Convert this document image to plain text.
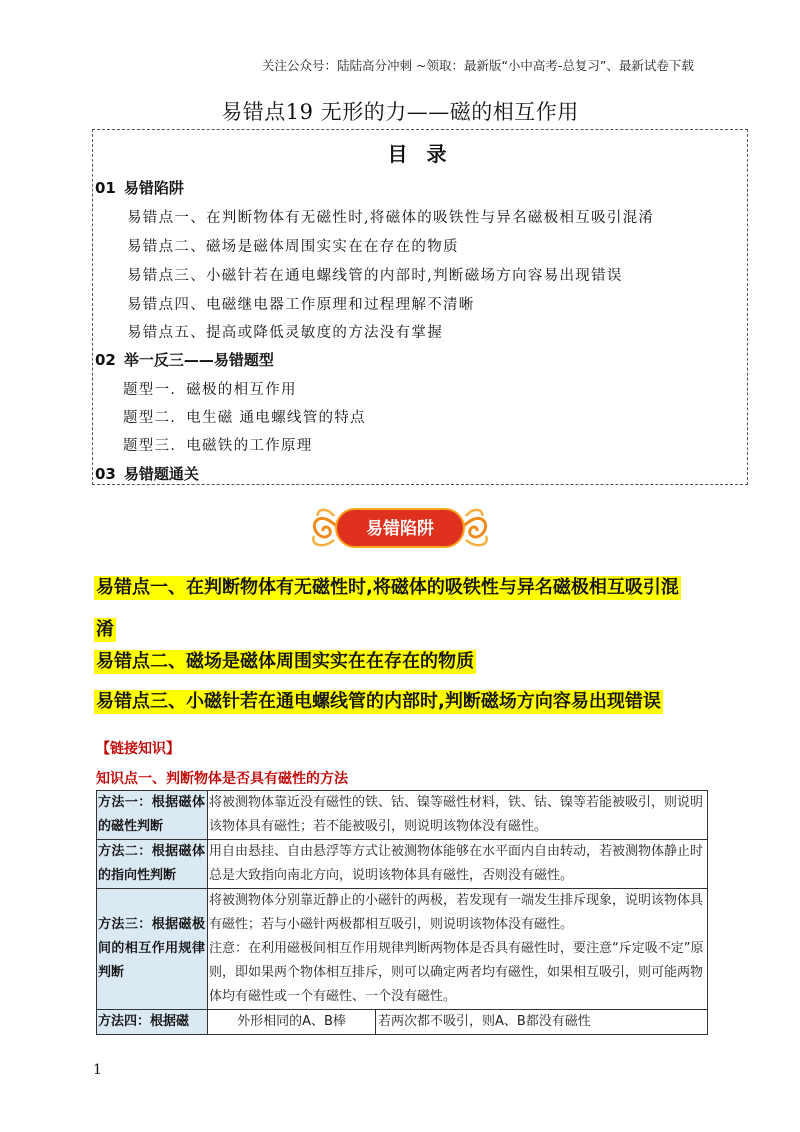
关注公众号：陆陆高分冲刺 ~领取：最新版“小中高考-总复习”、最新试卷下载
易错点19 无形的力——磁的相互作用
目 录
01 易错陷阱
易错点一、在判断物体有无磁性时,将磁体的吸铁性与异名磁极相互吸引混淆
易错点二、磁场是磁体周围实实在在存在的物质
易错点三、小磁针若在通电螺线管的内部时,判断磁场方向容易出现错误
易错点四、电磁继电器工作原理和过程理解不清晰
易错点五、提高或降低灵敏度的方法没有掌握
02 举一反三——易错题型
题型一．磁极的相互作用
题型二．电生磁 通电螺线管的特点
题型三．电磁铁的工作原理
03 易错题通关
易错陷阱
易错点一、在判断物体有无磁性时,将磁体的吸铁性与异名磁极相互吸引混
淆
易错点二、磁场是磁体周围实实在在存在的物质
易错点三、小磁针若在通电螺线管的内部时,判断磁场方向容易出现错误
【链接知识】
知识点一、判断物体是否具有磁性的方法
方法一：根据磁体的磁性判断	将被测物体靠近没有磁性的铁、钴、镍等磁性材料，铁、钴、镍等若能被吸引，则说明该物体具有磁性；若不能被吸引，则说明该物体没有磁性。	
方法二：根据磁体的指向性判断	用自由悬挂、自由悬浮等方式让被测物体能够在水平面内自由转动，若被测物体静止时总是大致指向南北方向，说明该物体具有磁性，否则没有磁性。	
方法三：根据磁极间的相互作用规律判断	将被测物体分别靠近静止的小磁针的两极，若发现有一端发生排斥现象，说明该物体具有磁性；若与小磁针两极都相互吸引，则说明该物体没有磁性。
注意：在利用磁极间相互作用规律判断两物体是否具有磁性时，要注意“斥定吸不定”原则，即如果两个物体相互排斥，则可以确定两者均有磁性，如果相互吸引，则可能两物体均有磁性或一个有磁性、一个没有磁性。	

方法四：根据磁	外形相同的A、B棒	若两次都不吸引，则A、B都没有磁性
1
